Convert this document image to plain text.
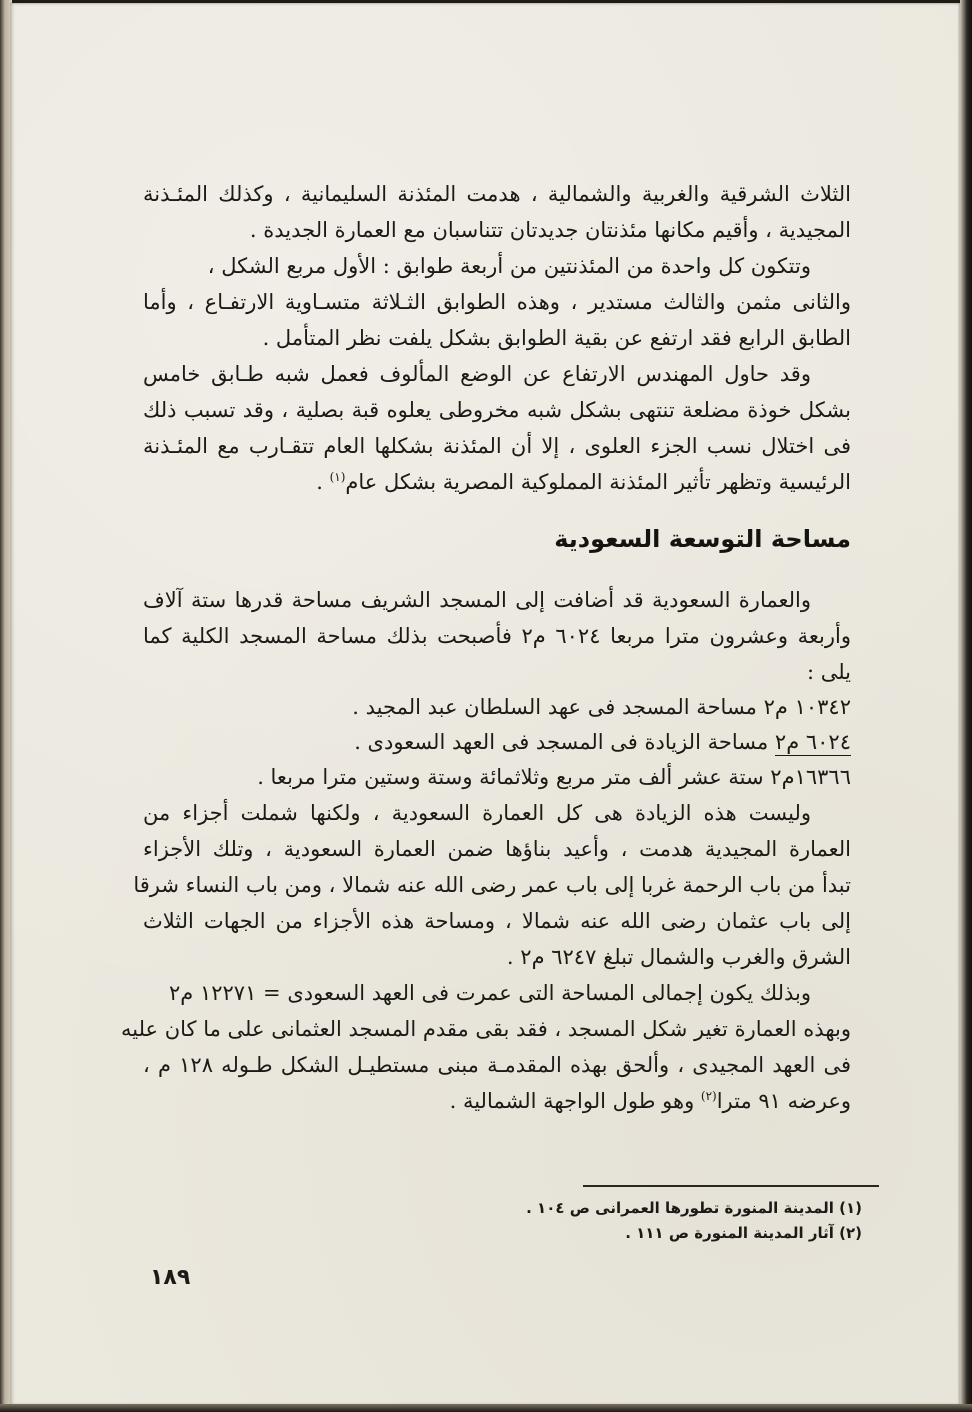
الثلاث الشرقية والغربية والشمالية ، هدمت المئذنة السليمانية ، وكذلك المئـذنة
المجيدية ، وأقيم مكانها مئذنتان جديدتان تتناسبان مع العمارة الجديدة .
وتتكون كل واحدة من المئذنتين من أربعة طوابق : الأول مربع الشكل ،
والثانى مثمن والثالث مستدير ، وهذه الطوابق الثـلاثة متسـاوية الارتفـاع ، وأما
الطابق الرابع فقد ارتفع عن بقية الطوابق بشكل يلفت نظر المتأمل .
وقد حاول المهندس الارتفاع عن الوضع المألوف فعمل شبه طـابق خامس
بشكل خوذة مضلعة تنتهى بشكل شبه مخروطى يعلوه قبة بصلية ، وقد تسبب ذلك
فى اختلال نسب الجزء العلوى ، إلا أن المئذنة بشكلها العام تتقـارب مع المئـذنة
الرئيسية وتظهر تأثير المئذنة المملوكية المصرية بشكل عام$^{(١)}$ .
مساحة التوسعة السعودية
والعمارة السعودية قد أضافت إلى المسجد الشريف مساحة قدرها ستة آلاف
وأربعة وعشرون مترا مربعا ٦٠٢٤ م٢ فأصبحت بذلك مساحة المسجد الكلية كما
يلى :
١٠٣٤٢ م٢ مساحة المسجد فى عهد السلطان عبد المجيد .
٦٠٢٤ م٢ مساحة الزيادة فى المسجد فى العهد السعودى .
١٦٣٦٦م٢ ستة عشر ألف متر مربع وثلاثمائة وستة وستين مترا مربعا .
وليست هذه الزيادة هى كل العمارة السعودية ، ولكنها شملت أجزاء من
العمارة المجيدية هدمت ، وأعيد بناؤها ضمن العمارة السعودية ، وتلك الأجزاء
تبدأ من باب الرحمة غربا إلى باب عمر رضى الله عنه شمالا ، ومن باب النساء شرقا
إلى باب عثمان رضى الله عنه شمالا ، ومساحة هذه الأجزاء من الجهات الثلاث
الشرق والغرب والشمال تبلغ ٦٢٤٧ م٢ .
وبذلك يكون إجمالى المساحة التى عمرت فى العهد السعودى = ١٢٢٧١ م٢
وبهذه العمارة تغير شكل المسجد ، فقد بقى مقدم المسجد العثمانى على ما كان عليه
فى العهد المجيدى ، وألحق بهذه المقدمـة مبنى مستطيـل الشكل طـوله ١٢٨ م ،
وعرضه ٩١ مترا$^{(٢)}$ وهو طول الواجهة الشمالية .
(١) المدينة المنورة تطورها العمرانى ص ١٠٤ .
(٢) آثار المدينة المنورة ص ١١١ .
١٨٩
